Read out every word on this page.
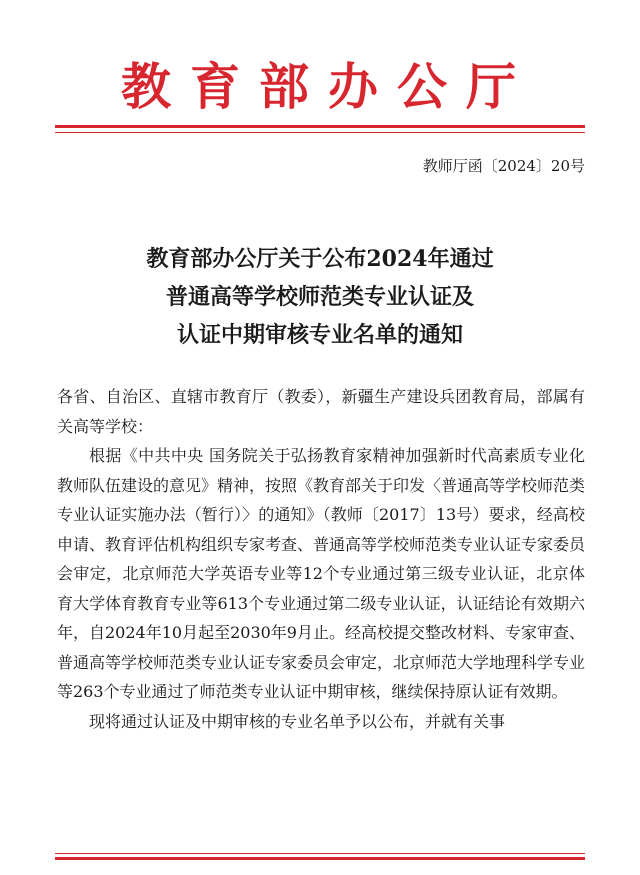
教育部办公厅
教师厅函〔2024〕20号
教育部办公厅关于公布2024年通过
普通高等学校师范类专业认证及
认证中期审核专业名单的通知

各省、自治区、直辖市教育厅（教委），新疆生产建设兵团教育局，部属有关高等学校：

根据《中共中央 国务院关于弘扬教育家精神加强新时代高素质专业化教师队伍建设的意见》精神，按照《教育部关于印发〈普通高等学校师范类专业认证实施办法（暂行）〉的通知》（教师〔2017〕13号）要求，经高校申请、教育评估机构组织专家考查、普通高等学校师范类专业认证专家委员会审定，北京师范大学英语专业等12个专业通过第三级专业认证，北京体育大学体育教育专业等613个专业通过第二级专业认证，认证结论有效期六年，自2024年10月起至2030年9月止。经高校提交整改材料、专家审查、普通高等学校师范类专业认证专家委员会审定，北京师范大学地理科学专业等263个专业通过了师范类专业认证中期审核，继续保持原认证有效期。

现将通过认证及中期审核的专业名单予以公布，并就有关事
